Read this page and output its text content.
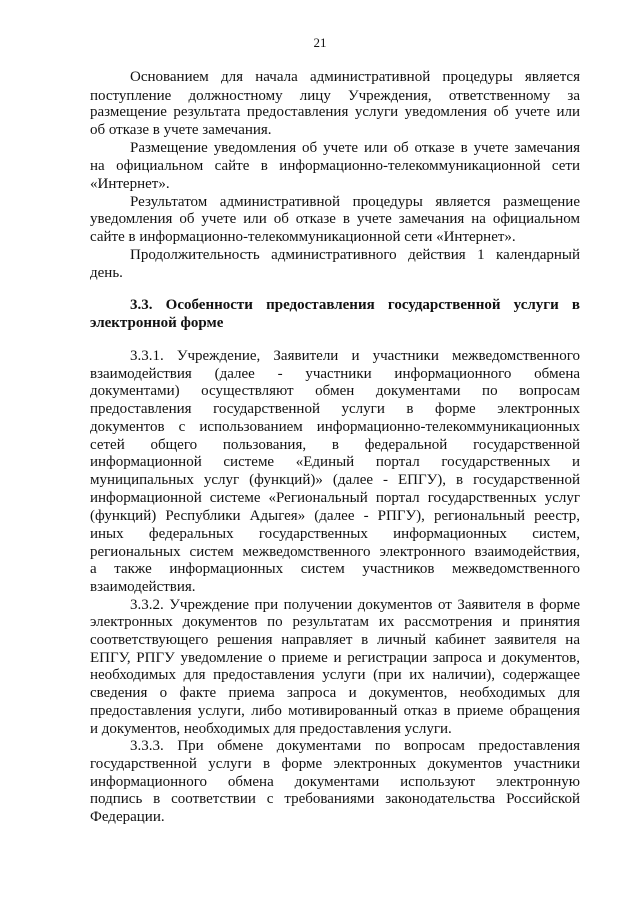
21
Основанием для начала административной процедуры является
поступление должностному лицу Учреждения, ответственному за
размещение результата предоставления услуги уведомления об учете или
об отказе в учете замечания.
Размещение уведомления об учете или об отказе в учете замечания
на официальном сайте в информационно-телекоммуникационной сети
«Интернет».
Результатом административной процедуры является размещение
уведомления об учете или об отказе в учете замечания на официальном
сайте в информационно-телекоммуникационной сети «Интернет».
Продолжительность административного действия 1 календарный
день.
3.3. Особенности предоставления государственной услуги в
электронной форме
3.3.1. Учреждение, Заявители и участники межведомственного
взаимодействия (далее - участники информационного обмена
документами) осуществляют обмен документами по вопросам
предоставления государственной услуги в форме электронных
документов с использованием информационно-телекоммуникационных
сетей общего пользования, в федеральной государственной
информационной системе «Единый портал государственных и
муниципальных услуг (функций)» (далее - ЕПГУ), в государственной
информационной системе «Региональный портал государственных услуг
(функций) Республики Адыгея» (далее - РПГУ), региональный реестр,
иных федеральных государственных информационных систем,
региональных систем межведомственного электронного взаимодействия,
а также информационных систем участников межведомственного
взаимодействия.
3.3.2. Учреждение при получении документов от Заявителя в форме
электронных документов по результатам их рассмотрения и принятия
соответствующего решения направляет в личный кабинет заявителя на
ЕПГУ, РПГУ уведомление о приеме и регистрации запроса и документов,
необходимых для предоставления услуги (при их наличии), содержащее
сведения о факте приема запроса и документов, необходимых для
предоставления услуги, либо мотивированный отказ в приеме обращения
и документов, необходимых для предоставления услуги.
3.3.3. При обмене документами по вопросам предоставления
государственной услуги в форме электронных документов участники
информационного обмена документами используют электронную
подпись в соответствии с требованиями законодательства Российской
Федерации.
